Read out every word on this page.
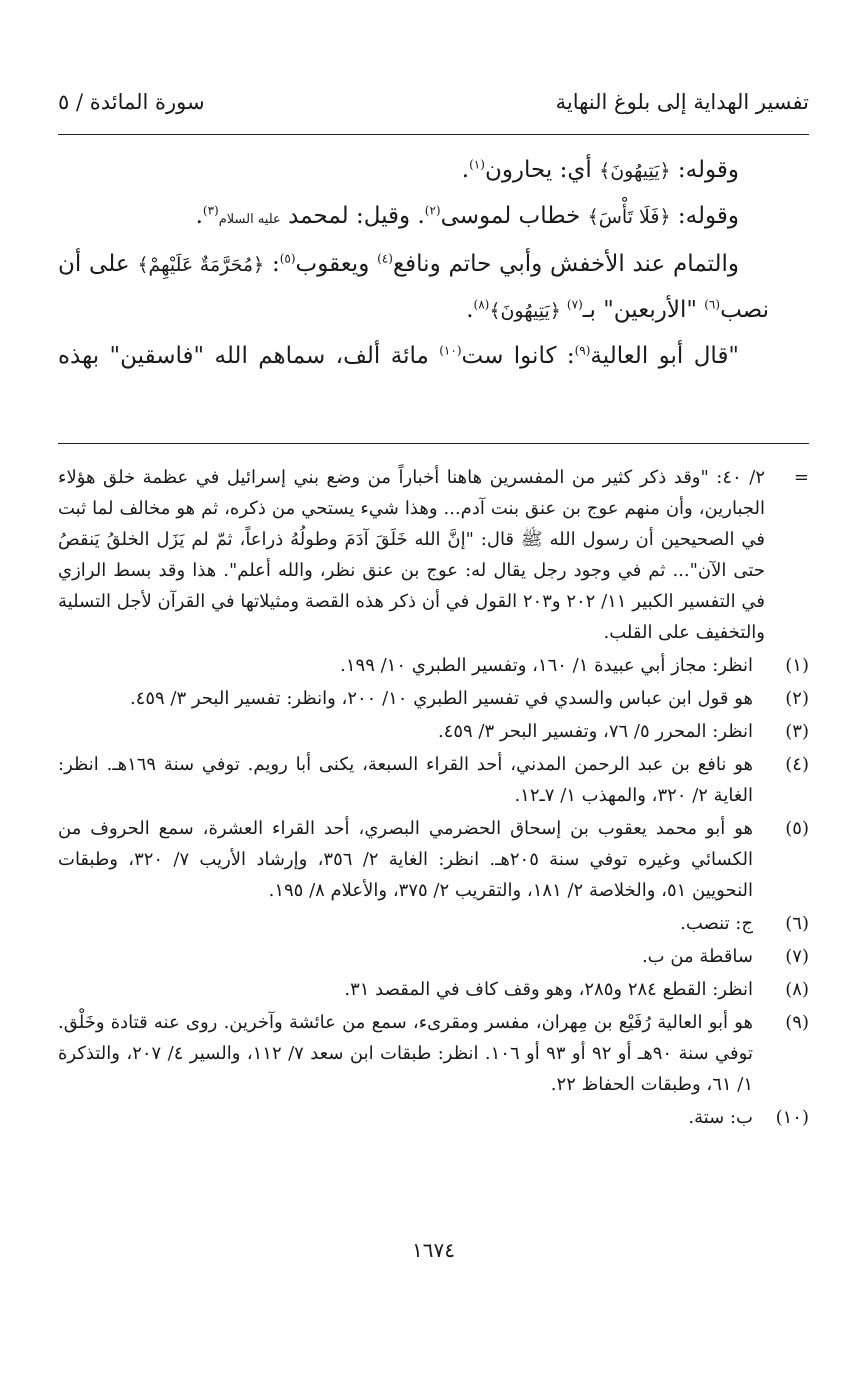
تفسير الهداية إلى بلوغ النهاية
سورة المائدة / ٥

وقوله: ﴿يَتِيهُونَ﴾ أي: يحارون$^{(١)}$.

وقوله: ﴿فَلَا تَأْسَ﴾ خطاب لموسى$^{(٢)}$. وقيل: لمحمد عليه السلام$^{(٣)}$.

والتمام عند الأخفش وأبي حاتم ونافع$^{(٤)}$ ويعقوب$^{(٥)}$: ﴿مُحَرَّمَةٌ عَلَيْهِمْ﴾ على أن نصب$^{(٦)}$ "الأربعين" بـ$^{(٧)}$ ﴿يَتِيهُونَ﴾$^{(٨)}$.

"قال أبو العالية$^{(٩)}$: كانوا ست$^{(١٠)}$ مائة ألف، سماهم الله "فاسقين" بهذه

=
٢/ ٤٠: "وقد ذكر كثير من المفسرين هاهنا أخباراً من وضع بني إسرائيل في عظمة خلق هؤلاء الجبارين، وأن منهم عوج بن عنق بنت آدم... وهذا شيء يستحي من ذكره، ثم هو مخالف لما ثبت في الصحيحين أن رسول الله ﷺ قال: "إنَّ الله خَلَقَ آدَمَ وطولُهُ ذراعاً، ثمّ لم يَزَل الخلقُ يَنقصُ حتى الآن"... ثم في وجود رجل يقال له: عوج بن عنق نظر، والله أعلم". هذا وقد بسط الرازي في التفسير الكبير ١١/ ٢٠٢ و٢٠٣ القول في أن ذكر هذه القصة ومثيلاتها في القرآن لأجل التسلية والتخفيف على القلب.
(١)
انظر: مجاز أبي عبيدة ١/ ١٦٠، وتفسير الطبري ١٠/ ١٩٩.
(٢)
هو قول ابن عباس والسدي في تفسير الطبري ١٠/ ٢٠٠، وانظر: تفسير البحر ٣/ ٤٥٩.
(٣)
انظر: المحرر ٥/ ٧٦، وتفسير البحر ٣/ ٤٥٩.
(٤)
هو نافع بن عبد الرحمن المدني، أحد القراء السبعة، يكنى أبا رويم. توفي سنة ١٦٩هـ. انظر: الغاية ٢/ ٣٢٠، والمهذب ١/ ٧ـ١٢.
(٥)
هو أبو محمد يعقوب بن إسحاق الحضرمي البصري، أحد القراء العشرة، سمع الحروف من الكسائي وغيره توفي سنة ٢٠٥هـ. انظر: الغاية ٢/ ٣٥٦، وإرشاد الأريب ٧/ ٣٢٠، وطبقات النحويين ٥١، والخلاصة ٢/ ١٨١، والتقريب ٢/ ٣٧٥، والأعلام ٨/ ١٩٥.
(٦)
ج: تنصب.
(٧)
ساقطة من ب.
(٨)
انظر: القطع ٢٨٤ و٢٨٥، وهو وقف كاف في المقصد ٣١.
(٩)
هو أبو العالية رُفَيْع بن مِهران، مفسر ومقرىء، سمع من عائشة وآخرين. روى عنه قتادة وخَلْق. توفي سنة ٩٠هـ أو ٩٢ أو ٩٣ أو ١٠٦. انظر: طبقات ابن سعد ٧/ ١١٢، والسير ٤/ ٢٠٧، والتذكرة ١/ ٦١، وطبقات الحفاظ ٢٢.
(١٠)
ب: ستة.
١٦٧٤
